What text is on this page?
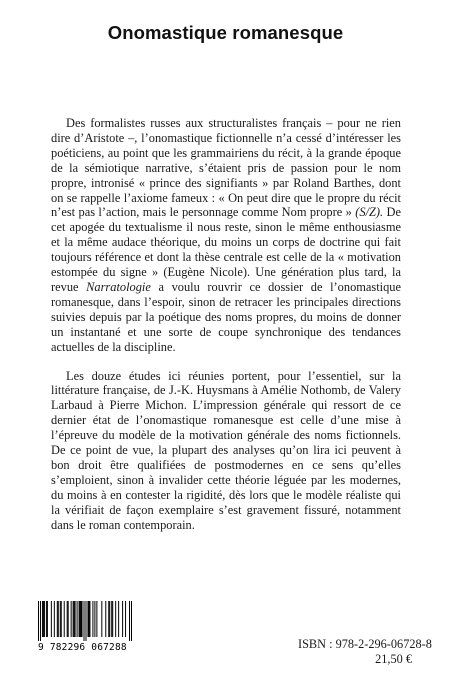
Onomastique romanesque

Des formalistes russes aux structuralistes français – pour ne rien dire d’Aristote –, l’onomastique fictionnelle n’a cessé d’intéresser les poéticiens, au point que les grammairiens du récit, à la grande époque de la sémiotique narrative, s’étaient pris de passion pour le nom propre, intronisé « prince des signifiants » par Roland Barthes, dont on se rappelle l’axiome fameux : « On peut dire que le propre du récit n’est pas l’action, mais le personnage comme Nom propre » (S/Z). De cet apogée du textualisme il nous reste, sinon le même enthousiasme et la même audace théorique, du moins un corps de doctrine qui fait toujours référence et dont la thèse centrale est celle de la « motivation estompée du signe » (Eugène Nicole). Une génération plus tard, la revue Narratologie a voulu rouvrir ce dossier de l’onomastique romanesque, dans l’espoir, sinon de retracer les principales directions suivies depuis par la poétique des noms propres, du moins de donner un instantané et une sorte de coupe synchronique des tendances actuelles de la discipline.

Les douze études ici réunies portent, pour l’essentiel, sur la littérature française, de J.-K. Huysmans à Amélie Nothomb, de Valery Larbaud à Pierre Michon. L’impression générale qui ressort de ce dernier état de l’onomastique romanesque est celle d’une mise à l’épreuve du modèle de la motivation générale des noms fictionnels. De ce point de vue, la plupart des analyses qu’on lira ici peuvent à bon droit être qualifiées de postmodernes en ce sens qu’elles s’emploient, sinon à invalider cette théorie léguée par les modernes, du moins à en contester la rigidité, dès lors que le modèle réaliste qui la vérifiait de façon exemplaire s’est gravement fissuré, notamment dans le roman contemporain.

9 782296 067288	ISBN : 978-2-296-06728-8
21,50 €
